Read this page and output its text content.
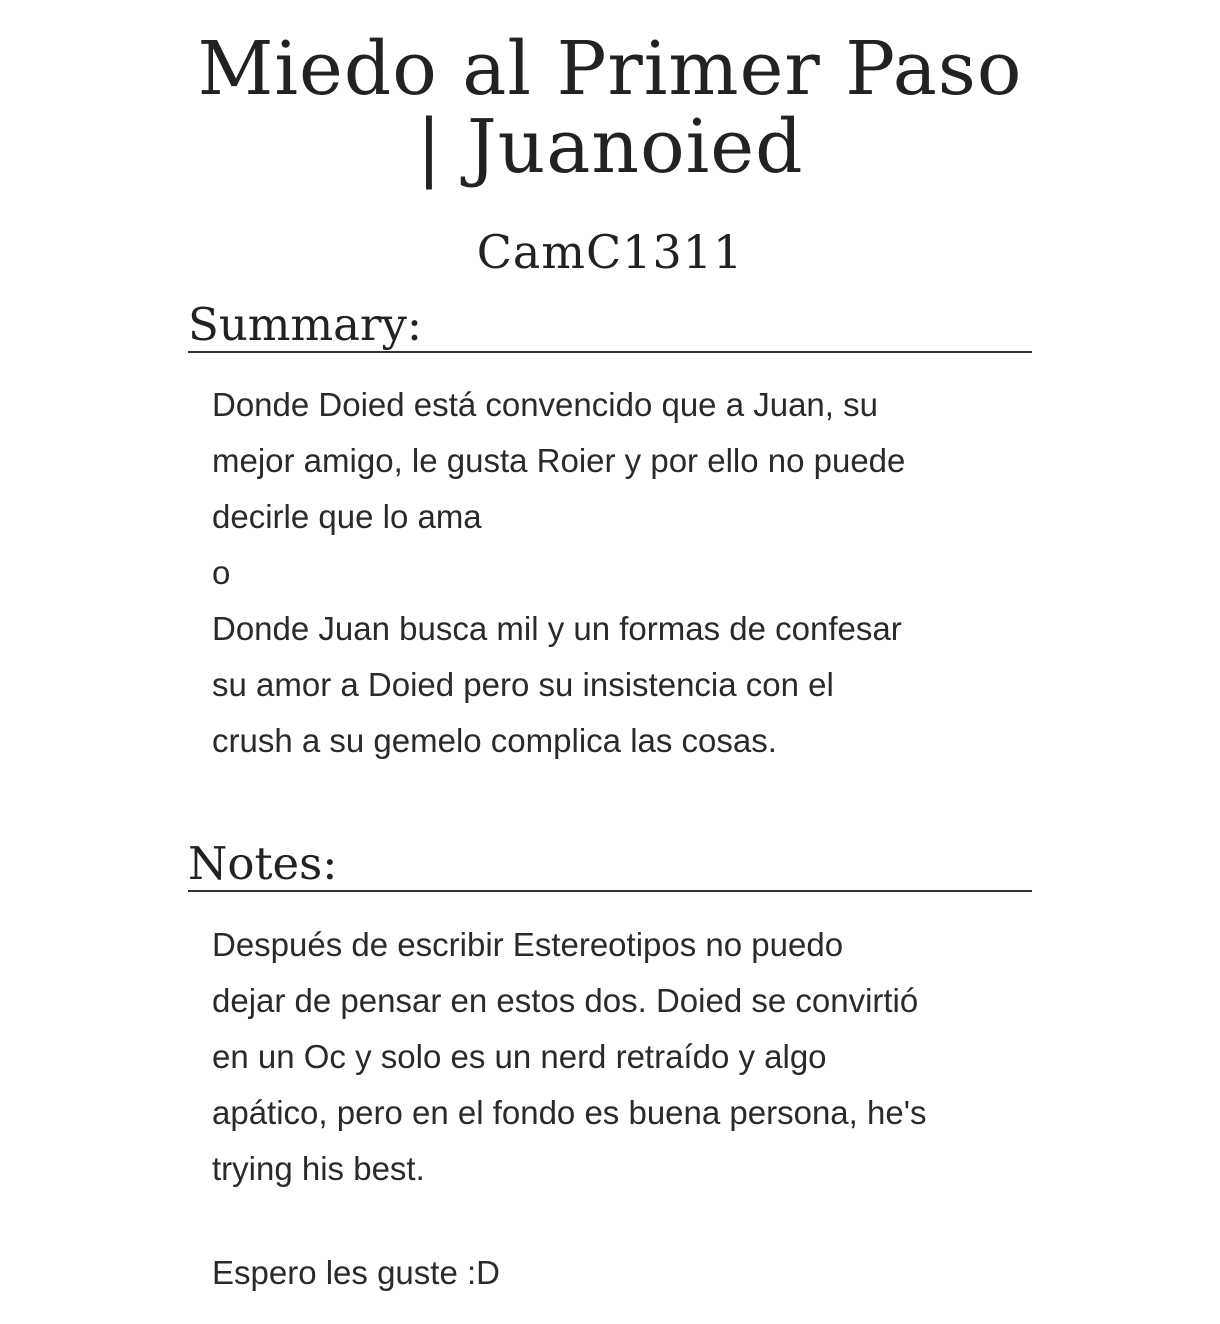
Miedo al Primer Paso
| Juanoied
CamC1311
Summary:

Donde Doied está convencido que a Juan, su

mejor amigo, le gusta Roier y por ello no puede

decirle que lo ama

o

Donde Juan busca mil y un formas de confesar

su amor a Doied pero su insistencia con el

crush a su gemelo complica las cosas.

Notes:

Después de escribir Estereotipos no puedo

dejar de pensar en estos dos. Doied se convirtió

en un Oc y solo es un nerd retraído y algo

apático, pero en el fondo es buena persona, he's

trying his best.

Espero les guste :D
